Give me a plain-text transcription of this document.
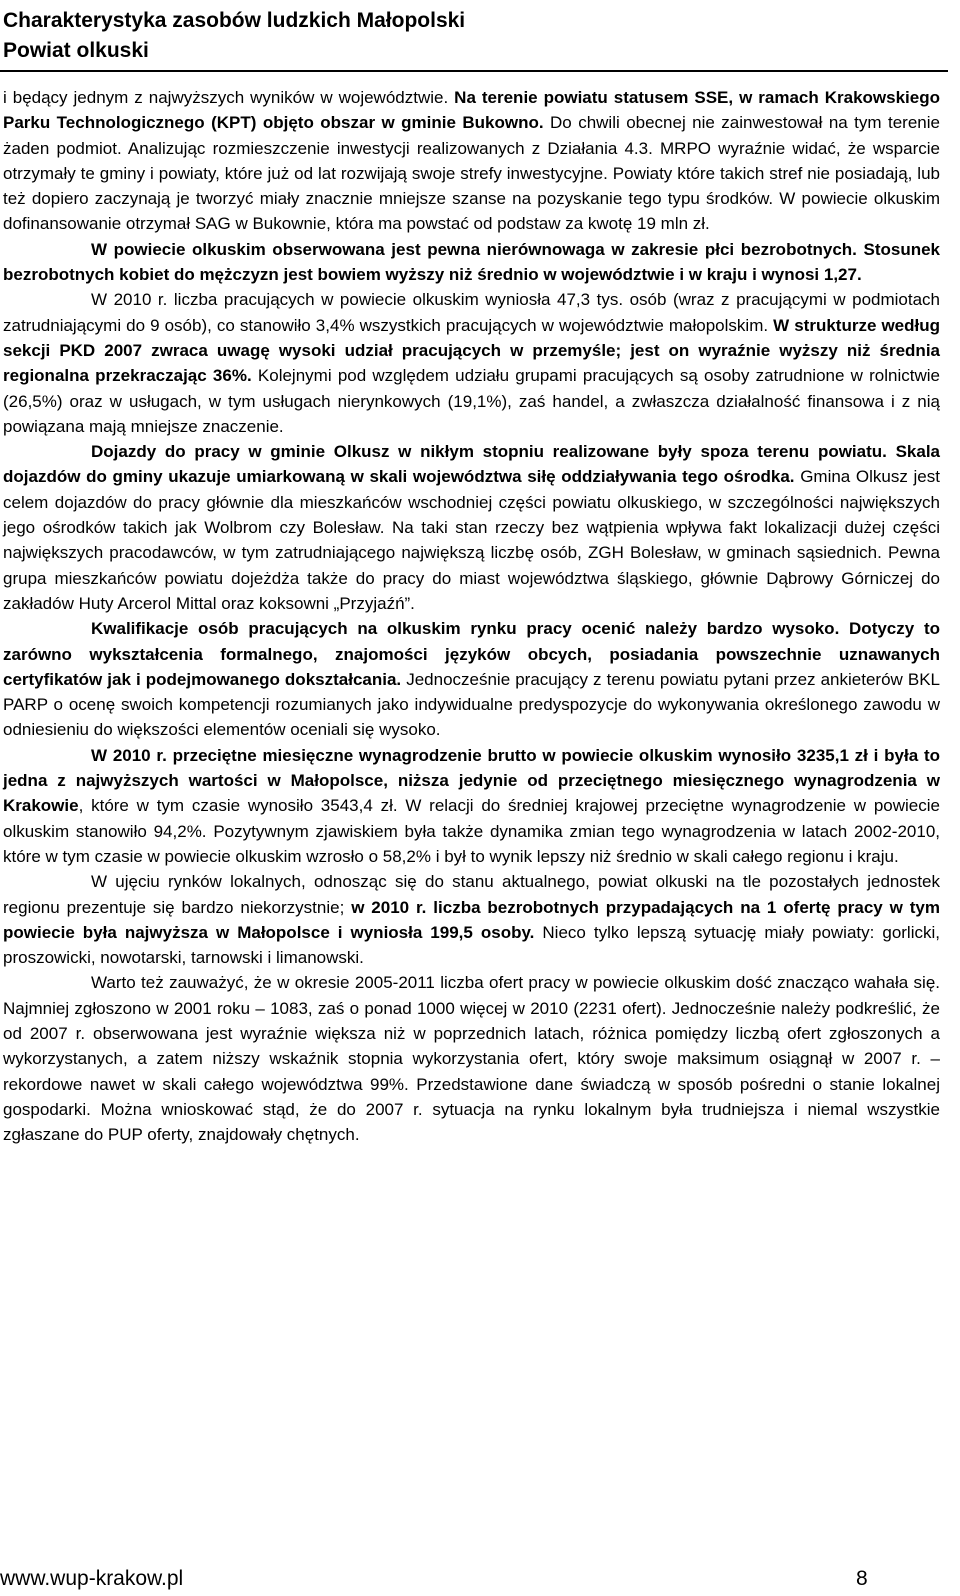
Charakterystyka zasobów ludzkich Małopolski
Powiat olkuski

i będący jednym z najwyższych wyników w województwie. Na terenie powiatu statusem SSE, w ramach Krakowskiego Parku Technologicznego (KPT) objęto obszar w gminie Bukowno. Do chwili obecnej nie zainwestował na tym terenie żaden podmiot. Analizując rozmieszczenie inwestycji realizowanych z Działania 4.3. MRPO wyraźnie widać, że wsparcie otrzymały te gminy i powiaty, które już od lat rozwijają swoje strefy inwestycyjne. Powiaty które takich stref nie posiadają, lub też dopiero zaczynają je tworzyć miały znacznie mniejsze szanse na pozyskanie tego typu środków. W powiecie olkuskim dofinansowanie otrzymał SAG w Bukownie, która ma powstać od podstaw za kwotę 19 mln zł.

W powiecie olkuskim obserwowana jest pewna nierównowaga w zakresie płci bezrobotnych. Stosunek bezrobotnych kobiet do mężczyzn jest bowiem wyższy niż średnio w województwie i w kraju i wynosi 1,27.

W 2010 r. liczba pracujących w powiecie olkuskim wyniosła 47,3 tys. osób (wraz z pracującymi w podmiotach zatrudniającymi do 9 osób), co stanowiło 3,4% wszystkich pracujących w województwie małopolskim. W strukturze według sekcji PKD 2007 zwraca uwagę wysoki udział pracujących w przemyśle; jest on wyraźnie wyższy niż średnia regionalna przekraczając 36%. Kolejnymi pod względem udziału grupami pracujących są osoby zatrudnione w rolnictwie (26,5%) oraz w usługach, w tym usługach nierynkowych (19,1%), zaś handel, a zwłaszcza działalność finansowa i z nią powiązana mają mniejsze znaczenie.

Dojazdy do pracy w gminie Olkusz w nikłym stopniu realizowane były spoza terenu powiatu. Skala dojazdów do gminy ukazuje umiarkowaną w skali województwa siłę oddziaływania tego ośrodka. Gmina Olkusz jest celem dojazdów do pracy głównie dla mieszkańców wschodniej części powiatu olkuskiego, w szczególności największych jego ośrodków takich jak Wolbrom czy Bolesław. Na taki stan rzeczy bez wątpienia wpływa fakt lokalizacji dużej części największych pracodawców, w tym zatrudniającego największą liczbę osób, ZGH Bolesław, w gminach sąsiednich. Pewna grupa mieszkańców powiatu dojeżdża także do pracy do miast województwa śląskiego, głównie Dąbrowy Górniczej do zakładów Huty Arcerol Mittal oraz koksowni „Przyjaźń”.

Kwalifikacje osób pracujących na olkuskim rynku pracy ocenić należy bardzo wysoko. Dotyczy to zarówno wykształcenia formalnego, znajomości języków obcych, posiadania powszechnie uznawanych certyfikatów jak i podejmowanego dokształcania. Jednocześnie pracujący z terenu powiatu pytani przez ankieterów BKL PARP o ocenę swoich kompetencji rozumianych jako indywidualne predyspozycje do wykonywania określonego zawodu w odniesieniu do większości elementów oceniali się wysoko.

W 2010 r. przeciętne miesięczne wynagrodzenie brutto w powiecie olkuskim wynosiło 3235,1 zł i była to jedna z najwyższych wartości w Małopolsce, niższa jedynie od przeciętnego miesięcznego wynagrodzenia w Krakowie, które w tym czasie wynosiło 3543,4 zł. W relacji do średniej krajowej przeciętne wynagrodzenie w powiecie olkuskim stanowiło 94,2%. Pozytywnym zjawiskiem była także dynamika zmian tego wynagrodzenia w latach 2002-2010, które w tym czasie w powiecie olkuskim wzrosło o 58,2% i był to wynik lepszy niż średnio w skali całego regionu i kraju.

W ujęciu rynków lokalnych, odnosząc się do stanu aktualnego, powiat olkuski na tle pozostałych jednostek regionu prezentuje się bardzo niekorzystnie; w 2010 r. liczba bezrobotnych przypadających na 1 ofertę pracy w tym powiecie była najwyższa w Małopolsce i wyniosła 199,5 osoby. Nieco tylko lepszą sytuację miały powiaty: gorlicki, proszowicki, nowotarski, tarnowski i limanowski.

Warto też zauważyć, że w okresie 2005-2011 liczba ofert pracy w powiecie olkuskim dość znacząco wahała się. Najmniej zgłoszono w 2001 roku – 1083, zaś o ponad 1000 więcej w 2010 (2231 ofert). Jednocześnie należy podkreślić, że od 2007 r. obserwowana jest wyraźnie większa niż w poprzednich latach, różnica pomiędzy liczbą ofert zgłoszonych a wykorzystanych, a zatem niższy wskaźnik stopnia wykorzystania ofert, który swoje maksimum osiągnął w 2007 r. – rekordowe nawet w skali całego województwa 99%. Przedstawione dane świadczą w sposób pośredni o stanie lokalnej gospodarki. Można wnioskować stąd, że do 2007 r. sytuacja na rynku lokalnym była trudniejsza i niemal wszystkie zgłaszane do PUP oferty, znajdowały chętnych.

www.wup-krakow.pl	8
